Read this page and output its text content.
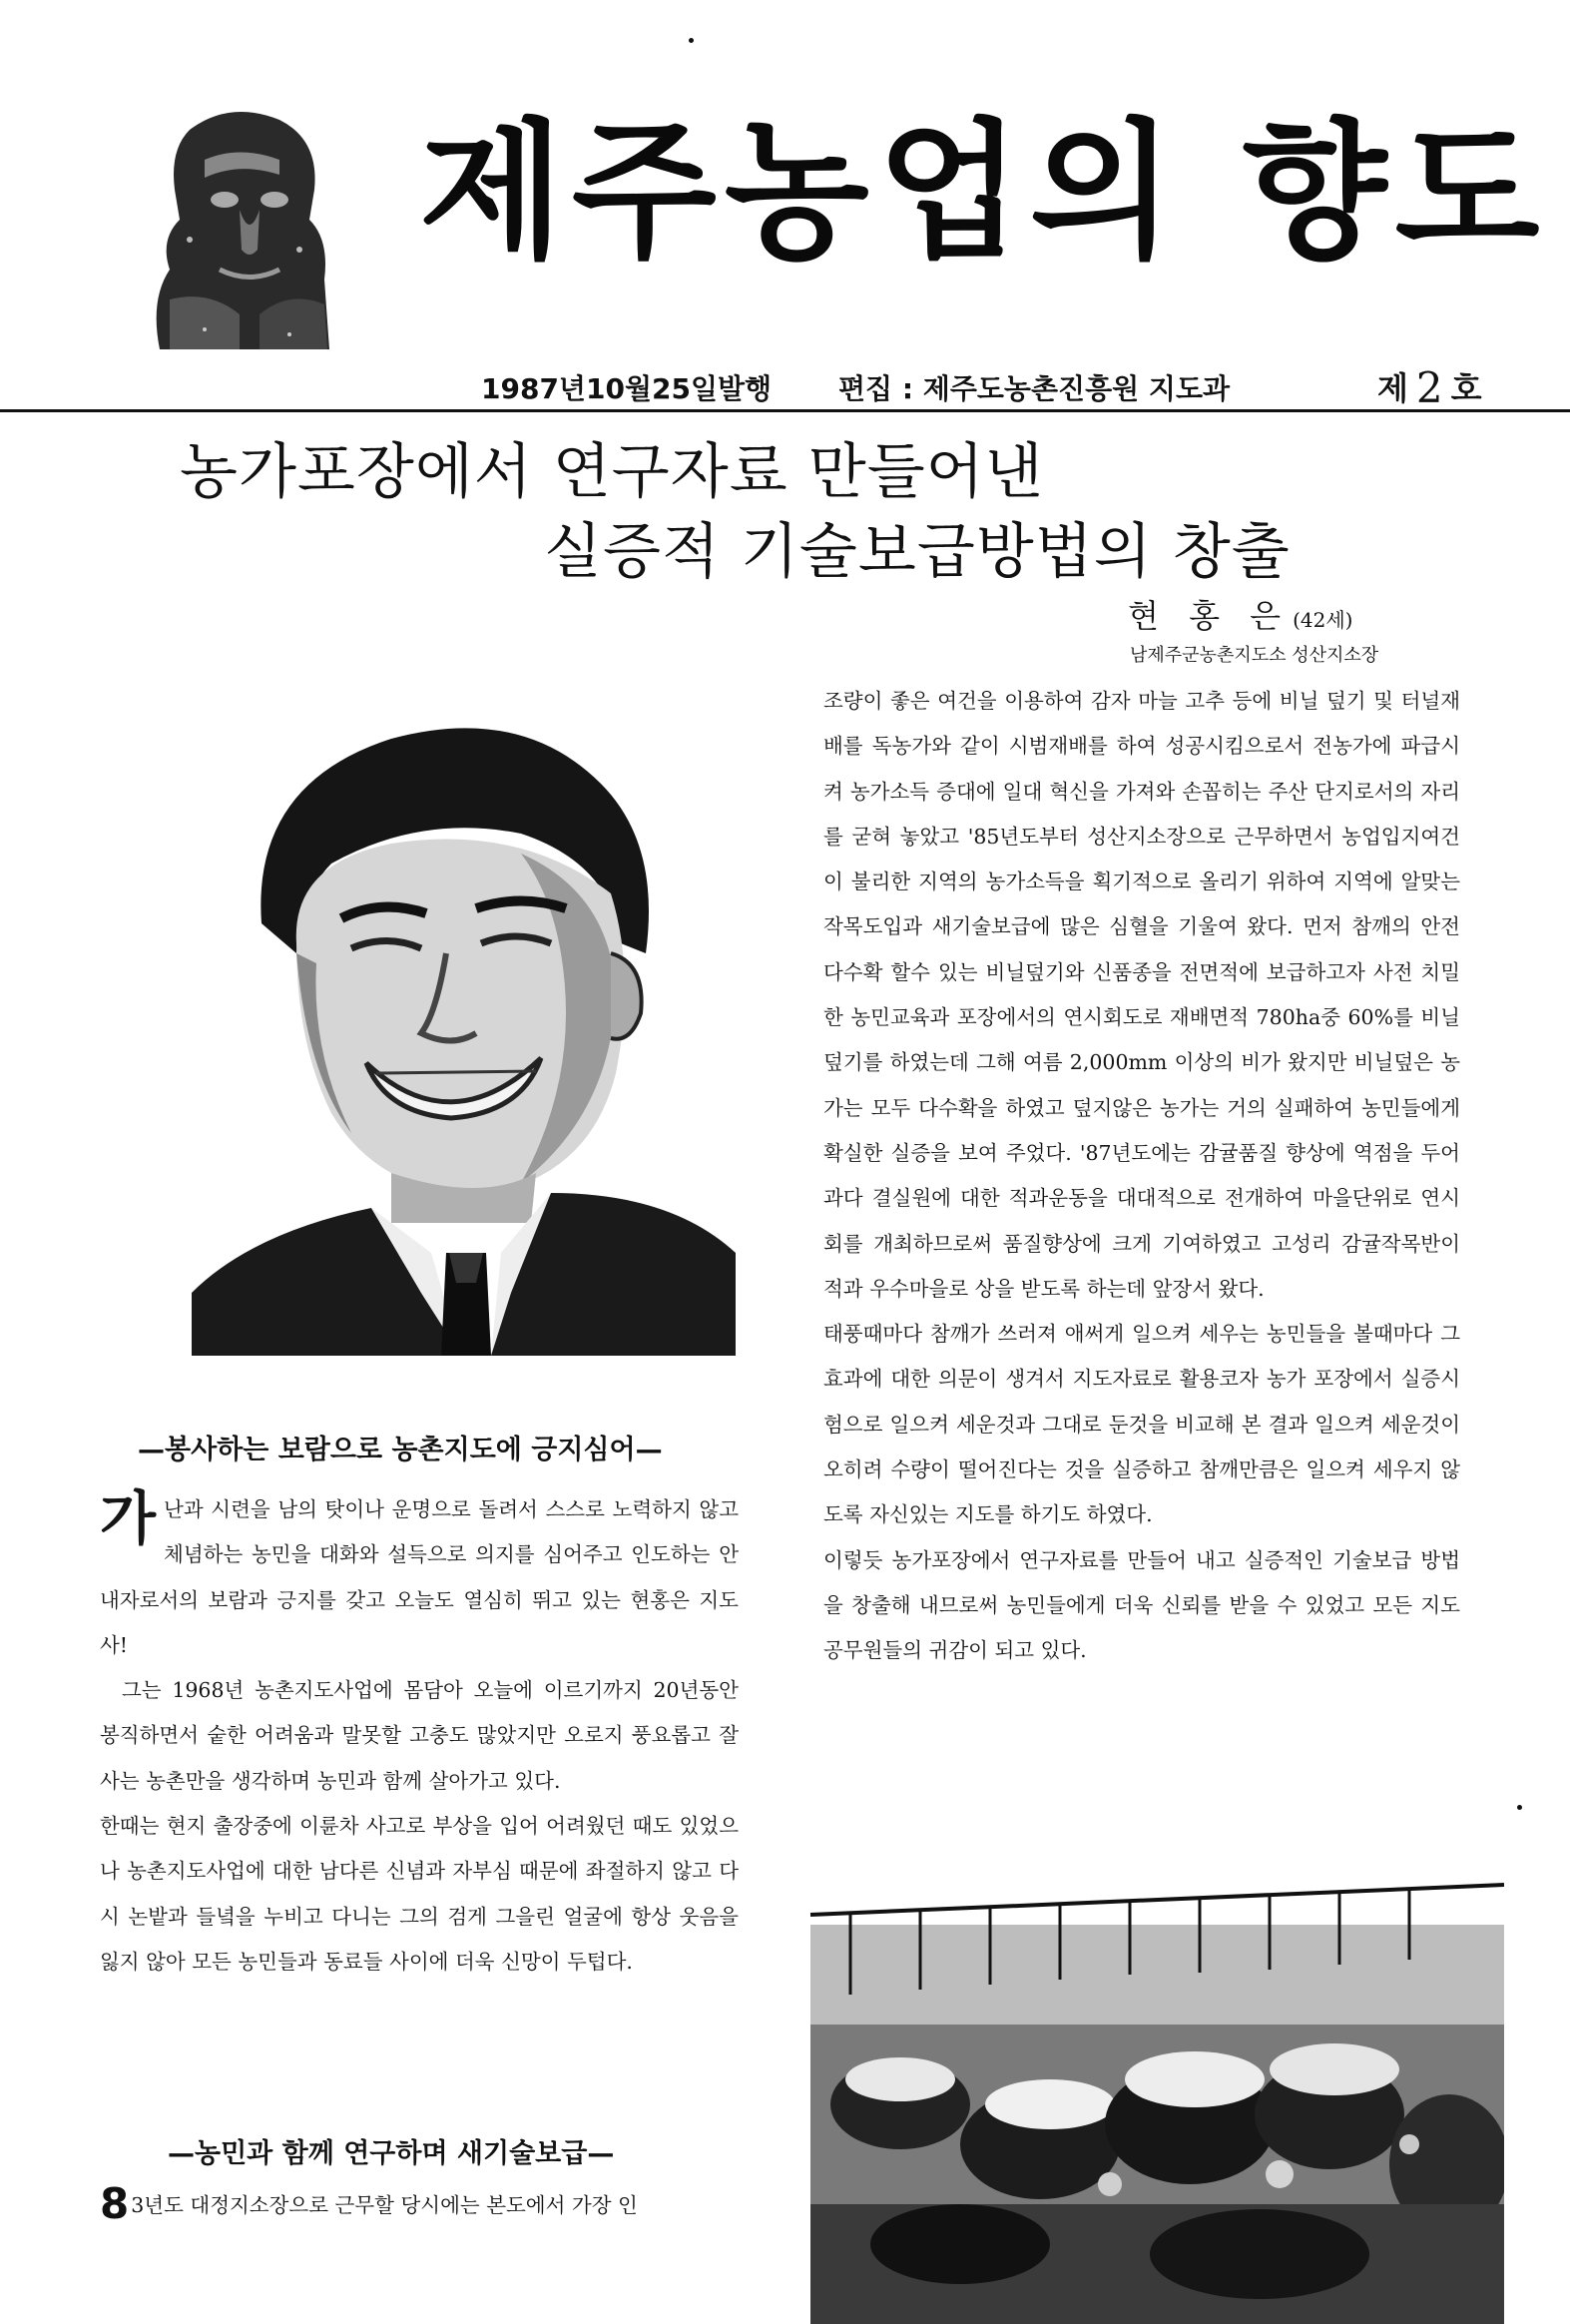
제주농업의 향도
1987년10월25일발행 편집 : 제주도농촌진흥원 지도과	제 2 호
농가포장에서 연구자료 만들어낸
실증적 기술보급방법의 창출
현 홍 은 (42세)
남제주군농촌지도소 성산지소장
—봉사하는 보람으로 농촌지도에 긍지심어—

가난과 시련을 남의 탓이나 운명으로 돌려서 스스로 노력하지 않고 체념하는 농민을 대화와 설득으로 의지를 심어주고 인도하는 안내자로서의 보람과 긍지를 갖고 오늘도 열심히 뛰고 있는 현홍은 지도사!

그는 1968년 농촌지도사업에 몸담아 오늘에 이르기까지 20년동안 봉직하면서 숱한 어려움과 말못할 고충도 많았지만 오로지 풍요롭고 잘사는 농촌만을 생각하며 농민과 함께 살아가고 있다.

한때는 현지 출장중에 이륜차 사고로 부상을 입어 어려웠던 때도 있었으나 농촌지도사업에 대한 남다른 신념과 자부심 때문에 좌절하지 않고 다시 논밭과 들녘을 누비고 다니는 그의 검게 그을린 얼굴에 항상 웃음을 잃지 않아 모든 농민들과 동료들 사이에 더욱 신망이 두텁다.

—농민과 함께 연구하며 새기술보급—
83년도 대정지소장으로 근무할 당시에는 본도에서 가장 인

조량이 좋은 여건을 이용하여 감자 마늘 고추 등에 비닐 덮기 및 터널재배를 독농가와 같이 시범재배를 하여 성공시킴으로서 전농가에 파급시켜 농가소득 증대에 일대 혁신을 가져와 손꼽히는 주산 단지로서의 자리를 굳혀 놓았고 '85년도부터 성산지소장으로 근무하면서 농업입지여건이 불리한 지역의 농가소득을 획기적으로 올리기 위하여 지역에 알맞는 작목도입과 새기술보급에 많은 심혈을 기울여 왔다. 먼저 참깨의 안전 다수확 할수 있는 비닐덮기와 신품종을 전면적에 보급하고자 사전 치밀한 농민교육과 포장에서의 연시회도로 재배면적 780ha중 60%를 비닐덮기를 하였는데 그해 여름 2,000mm 이상의 비가 왔지만 비닐덮은 농가는 모두 다수확을 하였고 덮지않은 농가는 거의 실패하여 농민들에게 확실한 실증을 보여 주었다. '87년도에는 감귤품질 향상에 역점을 두어 과다 결실원에 대한 적과운동을 대대적으로 전개하여 마을단위로 연시회를 개최하므로써 품질향상에 크게 기여하였고 고성리 감귤작목반이 적과 우수마을로 상을 받도록 하는데 앞장서 왔다.

태풍때마다 참깨가 쓰러져 애써게 일으켜 세우는 농민들을 볼때마다 그 효과에 대한 의문이 생겨서 지도자료로 활용코자 농가 포장에서 실증시험으로 일으켜 세운것과 그대로 둔것을 비교해 본 결과 일으켜 세운것이 오히려 수량이 떨어진다는 것을 실증하고 참깨만큼은 일으켜 세우지 않도록 자신있는 지도를 하기도 하였다.

이렇듯 농가포장에서 연구자료를 만들어 내고 실증적인 기술보급 방법을 창출해 내므로써 농민들에게 더욱 신뢰를 받을 수 있었고 모든 지도 공무원들의 귀감이 되고 있다.
